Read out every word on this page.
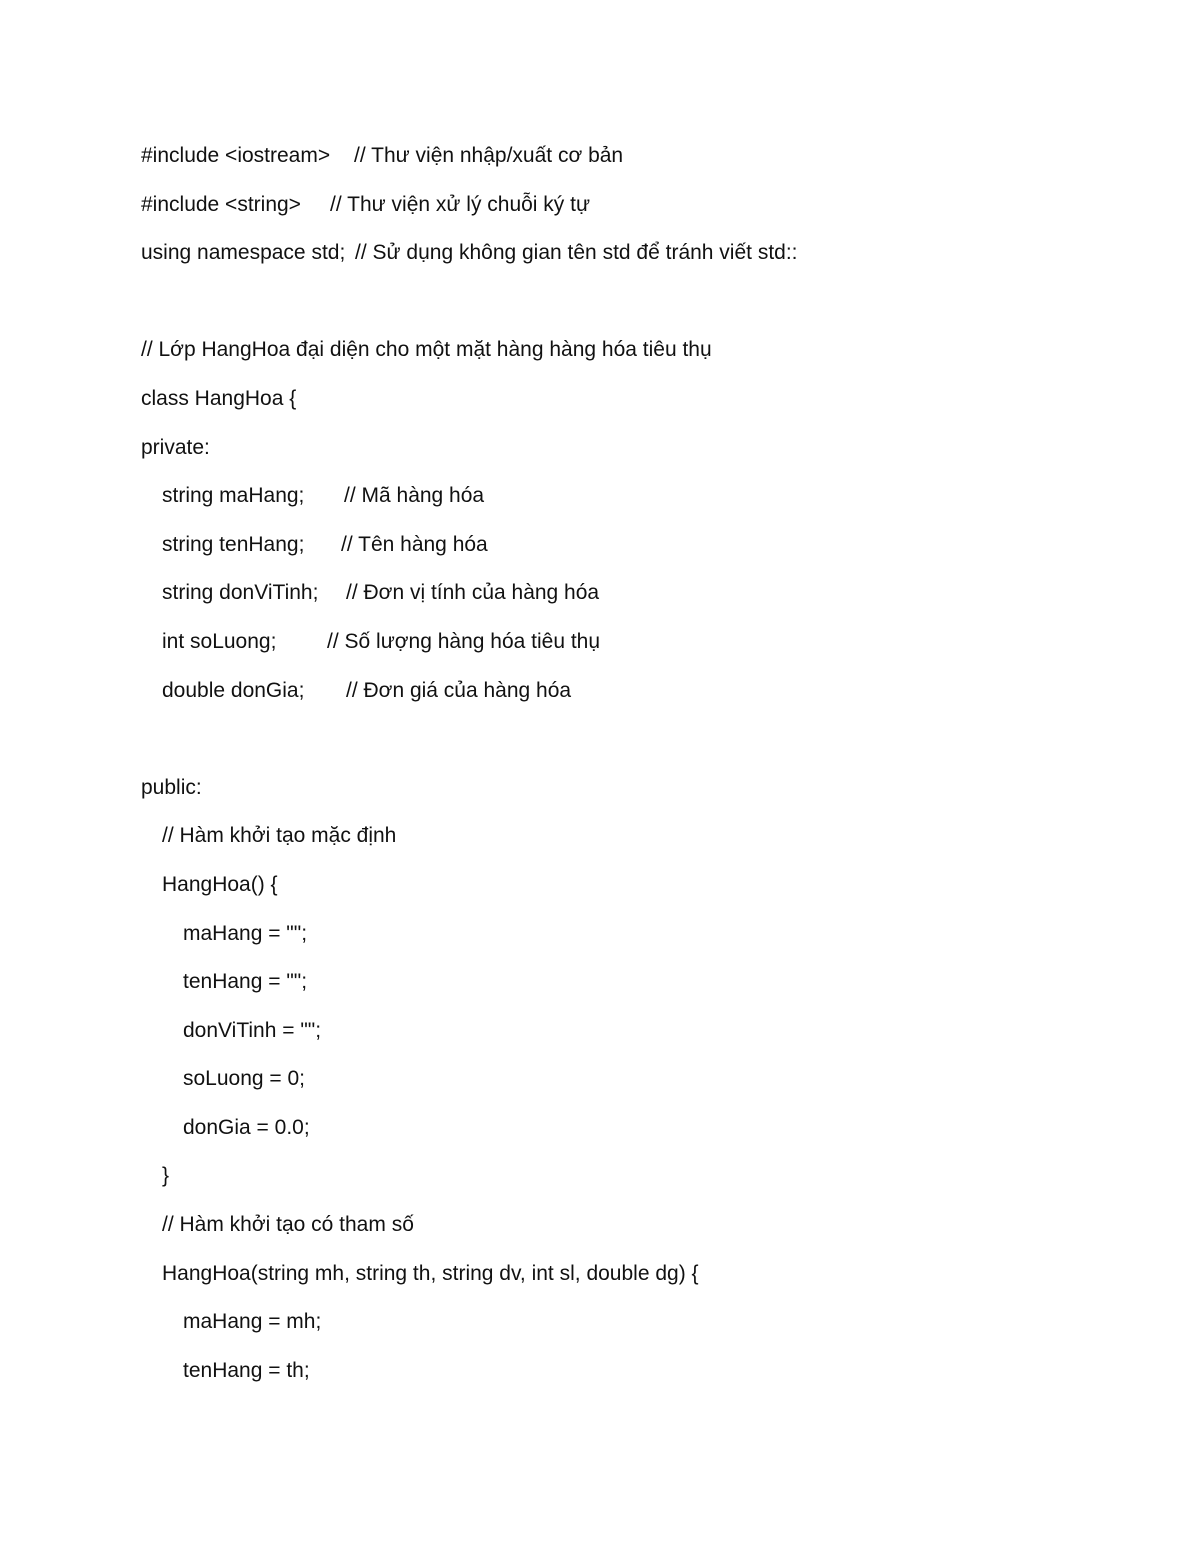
#include <iostream> // Thư viện nhập/xuất cơ bản
#include <string> // Thư viện xử lý chuỗi ký tự
using namespace std; // Sử dụng không gian tên std để tránh viết std::
// Lớp HangHoa đại diện cho một mặt hàng hàng hóa tiêu thụ
class HangHoa {
private:
string maHang; // Mã hàng hóa
string tenHang; // Tên hàng hóa
string donViTinh; // Đơn vị tính của hàng hóa
int soLuong; // Số lượng hàng hóa tiêu thụ
double donGia; // Đơn giá của hàng hóa
public:
// Hàm khởi tạo mặc định
HangHoa() {
maHang = "";
tenHang = "";
donViTinh = "";
soLuong = 0;
donGia = 0.0;
}
// Hàm khởi tạo có tham số
HangHoa(string mh, string th, string dv, int sl, double dg) {
maHang = mh;
tenHang = th;
